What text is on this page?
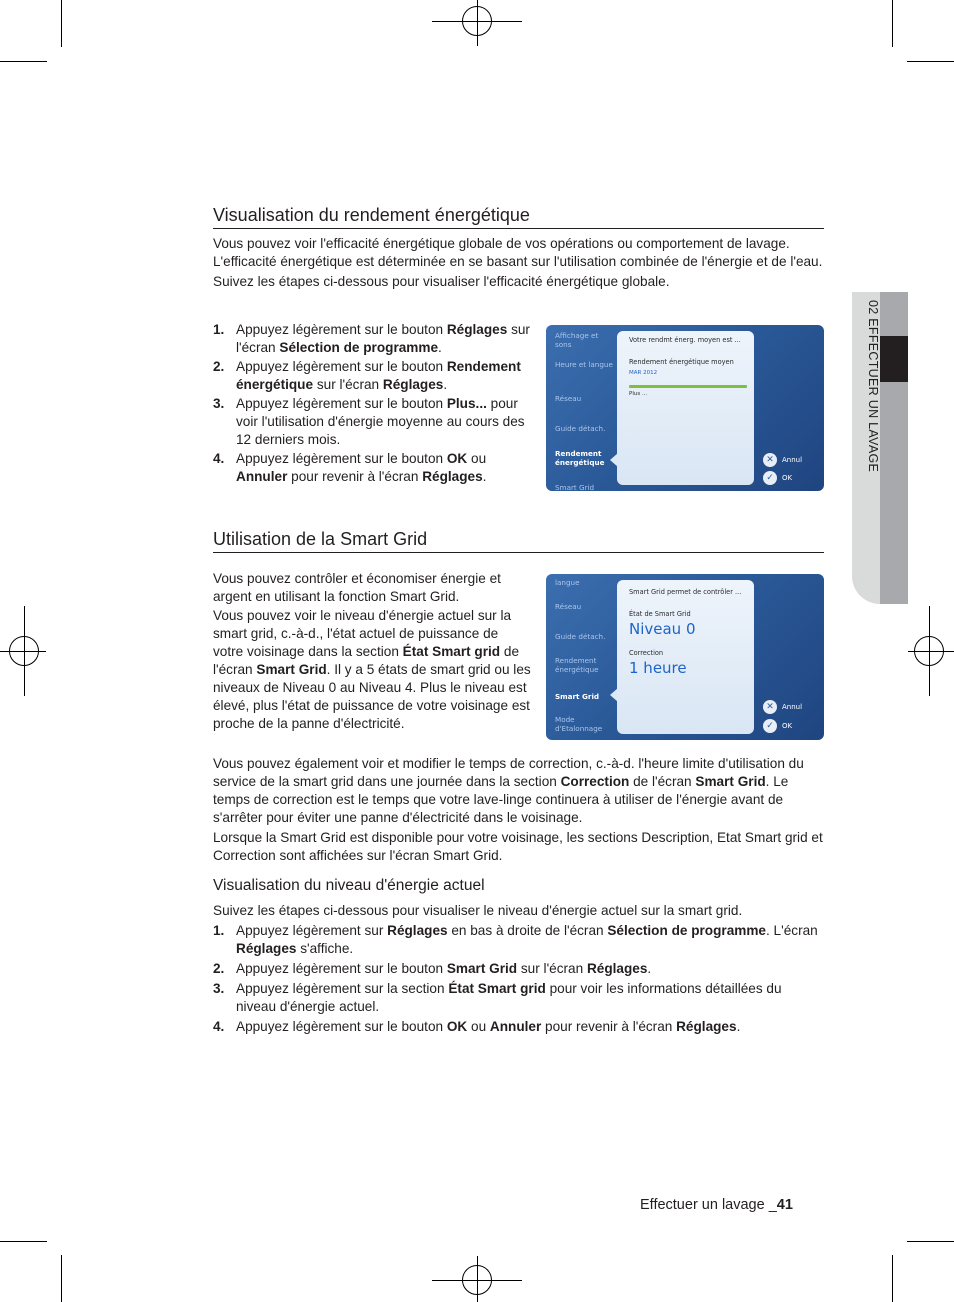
02 EFFECTUER UN LAVAGE
Visualisation du rendement énergétique
Vous pouvez voir l'efficacité énergétique globale de vos opérations ou comportement de lavage. L'efficacité énergétique est déterminée en se basant sur l'utilisation combinée de l'énergie et de l'eau.
Suivez les étapes ci-dessous pour visualiser l'efficacité énergétique globale.
1. Appuyez légèrement sur le bouton Réglages sur l'écran Sélection de programme.
2. Appuyez légèrement sur le bouton Rendement énergétique sur l'écran Réglages.
3. Appuyez légèrement sur le bouton Plus... pour voir l'utilisation d'énergie moyenne au cours des 12 derniers mois.
4. Appuyez légèrement sur le bouton OK ou Annuler pour revenir à l'écran Réglages.
Affichage et sons
Heure et langue
Réseau
Guide détach.
Rendement énergétique
Smart Grid
Votre rendmt énerg. moyen est ...
Rendement énergétique moyen
MAR 2012
Plus ...
✕	Annul
✓	OK
Utilisation de la Smart Grid
Vous pouvez contrôler et économiser énergie et argent en utilisant la fonction Smart Grid.
Vous pouvez voir le niveau d'énergie actuel sur la smart grid, c.-à-d., l'état actuel de puissance de votre voisinage dans la section État Smart grid de l'écran Smart Grid. Il y a 5 états de smart grid ou les niveaux de Niveau 0 au Niveau 4. Plus le niveau est élevé, plus l'état de puissance de votre voisinage est proche de la panne d'électricité.
langue
Réseau
Guide détach.
Rendement énergétique
Smart Grid
Mode d'Etalonnage
Smart Grid permet de contrôler ...
État de Smart Grid
Niveau 0
Correction
1 heure
✕	Annul
✓	OK
Vous pouvez également voir et modifier le temps de correction, c.-à-d. l'heure limite d'utilisation du service de la smart grid dans une journée dans la section Correction de l'écran Smart Grid. Le temps de correction est le temps que votre lave-linge continuera à utiliser de l'énergie avant de s'arrêter pour éviter une panne d'électricité dans le voisinage.
Lorsque la Smart Grid est disponible pour votre voisinage, les sections Description, Etat Smart grid et Correction sont affichées sur l'écran Smart Grid.
Visualisation du niveau d'énergie actuel
Suivez les étapes ci-dessous pour visualiser le niveau d'énergie actuel sur la smart grid.
1. Appuyez légèrement sur Réglages en bas à droite de l'écran Sélection de programme. L'écran Réglages s'affiche.
2. Appuyez légèrement sur le bouton Smart Grid sur l'écran Réglages.
3. Appuyez légèrement sur la section État Smart grid pour voir les informations détaillées du niveau d'énergie actuel.
4. Appuyez légèrement sur le bouton OK ou Annuler pour revenir à l'écran Réglages.
Effectuer un lavage _41
